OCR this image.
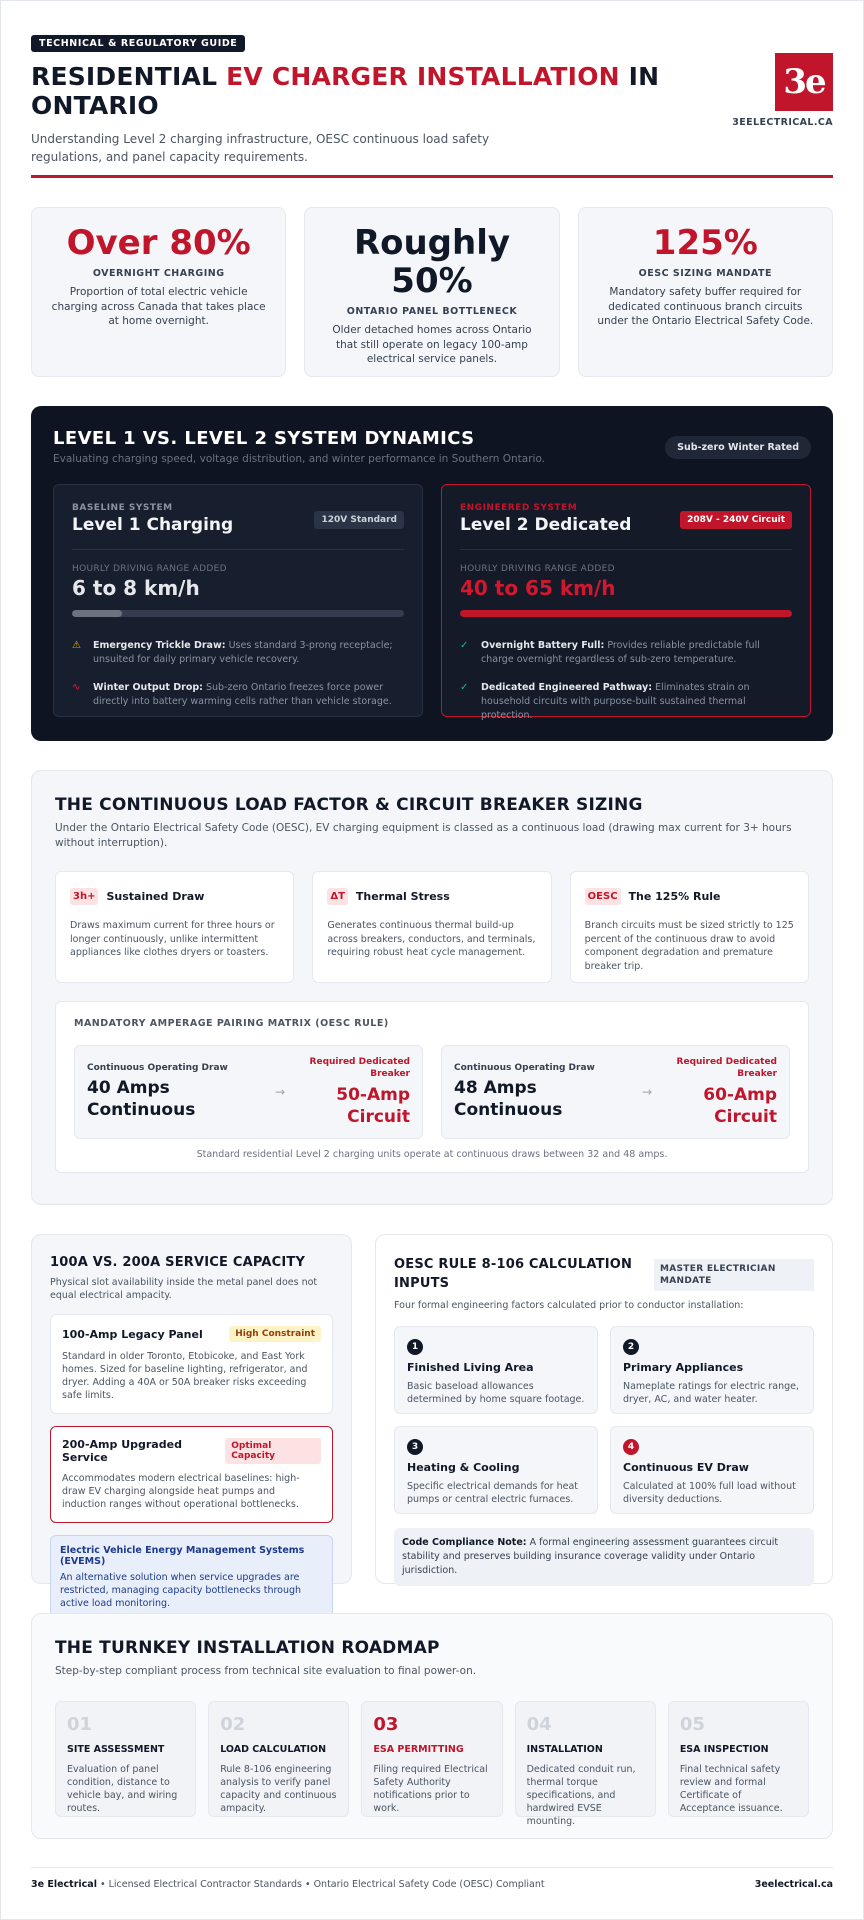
TECHNICAL & REGULATORY GUIDE
RESIDENTIAL EV CHARGER INSTALLATION IN ONTARIO
Understanding Level 2 charging infrastructure, OESC continuous load safety regulations, and panel capacity requirements.
3e
3EELECTRICAL.CA
Over 80%
OVERNIGHT CHARGING
Proportion of total electric vehicle charging across Canada that takes place at home overnight.
Roughly 50%
ONTARIO PANEL BOTTLENECK
Older detached homes across Ontario that still operate on legacy 100-amp electrical service panels.
125%
OESC SIZING MANDATE
Mandatory safety buffer required for dedicated continuous branch circuits under the Ontario Electrical Safety Code.
LEVEL 1 VS. LEVEL 2 SYSTEM DYNAMICS
Evaluating charging speed, voltage distribution, and winter performance in Southern Ontario.
Sub-zero Winter Rated
BASELINE SYSTEM
Level 1 Charging	120V Standard
HOURLY DRIVING RANGE ADDED
6 to 8 km/h
⚠	Emergency Trickle Draw: Uses standard 3-prong receptacle; unsuited for daily primary vehicle recovery.
∿	Winter Output Drop: Sub-zero Ontario freezes force power directly into battery warming cells rather than vehicle storage.
ENGINEERED SYSTEM
Level 2 Dedicated	208V - 240V Circuit
HOURLY DRIVING RANGE ADDED
40 to 65 km/h
✓	Overnight Battery Full: Provides reliable predictable full charge overnight regardless of sub-zero temperature.
✓	Dedicated Engineered Pathway: Eliminates strain on household circuits with purpose-built sustained thermal protection.
THE CONTINUOUS LOAD FACTOR & CIRCUIT BREAKER SIZING
Under the Ontario Electrical Safety Code (OESC), EV charging equipment is classed as a continuous load (drawing max current for 3+ hours without interruption).
3h+ Sustained Draw
Draws maximum current for three hours or longer continuously, unlike intermittent appliances like clothes dryers or toasters.
ΔT Thermal Stress
Generates continuous thermal build-up across breakers, conductors, and terminals, requiring robust heat cycle management.
OESC The 125% Rule
Branch circuits must be sized strictly to 125 percent of the continuous draw to avoid component degradation and premature breaker trip.
MANDATORY AMPERAGE PAIRING MATRIX (OESC RULE)
Continuous Operating Draw
40 Amps Continuous
→
Required Dedicated Breaker
50-Amp Circuit
Continuous Operating Draw
48 Amps Continuous
→
Required Dedicated Breaker
60-Amp Circuit
Standard residential Level 2 charging units operate at continuous draws between 32 and 48 amps.
100A VS. 200A SERVICE CAPACITY
Physical slot availability inside the metal panel does not equal electrical ampacity.
100-Amp Legacy Panel	High Constraint
Standard in older Toronto, Etobicoke, and East York homes. Sized for baseline lighting, refrigerator, and dryer. Adding a 40A or 50A breaker risks exceeding safe limits.
200-Amp Upgraded Service
Optimal Capacity
Accommodates modern electrical baselines: high-draw EV charging alongside heat pumps and induction ranges without operational bottlenecks.
Electric Vehicle Energy Management Systems (EVEMS)
An alternative solution when service upgrades are restricted, managing capacity bottlenecks through active load monitoring.
OESC RULE 8-106 CALCULATION INPUTS
MASTER ELECTRICIAN MANDATE
Four formal engineering factors calculated prior to conductor installation:
1
Finished Living Area
Basic baseload allowances determined by home square footage.
2
Primary Appliances
Nameplate ratings for electric range, dryer, AC, and water heater.
3
Heating & Cooling
Specific electrical demands for heat pumps or central electric furnaces.
4
Continuous EV Draw
Calculated at 100% full load without diversity deductions.
Code Compliance Note: A formal engineering assessment guarantees circuit stability and preserves building insurance coverage validity under Ontario jurisdiction.
THE TURNKEY INSTALLATION ROADMAP
Step-by-step compliant process from technical site evaluation to final power-on.
01
SITE ASSESSMENT
Evaluation of panel condition, distance to vehicle bay, and wiring routes.
02
LOAD CALCULATION
Rule 8-106 engineering analysis to verify panel capacity and continuous ampacity.
03
ESA PERMITTING
Filing required Electrical Safety Authority notifications prior to work.
04
INSTALLATION
Dedicated conduit run, thermal torque specifications, and hardwired EVSE mounting.
05
ESA INSPECTION
Final technical safety review and formal Certificate of Acceptance issuance.
3e Electrical • Licensed Electrical Contractor Standards • Ontario Electrical Safety Code (OESC) Compliant	3eelectrical.ca
